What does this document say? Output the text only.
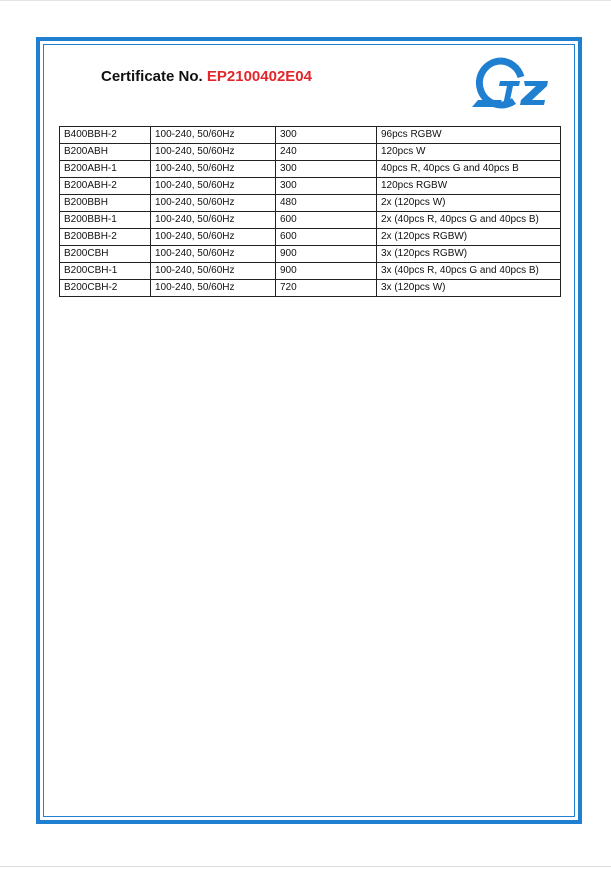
Certificate No. EP2100402E04
B400BBH-2	100-240, 50/60Hz	300	96pcs RGBW
B200ABH	100-240, 50/60Hz	240	120pcs W
B200ABH-1	100-240, 50/60Hz	300	40pcs R, 40pcs G and 40pcs B
B200ABH-2	100-240, 50/60Hz	300	120pcs RGBW
B200BBH	100-240, 50/60Hz	480	2x (120pcs W)
B200BBH-1	100-240, 50/60Hz	600	2x (40pcs R, 40pcs G and 40pcs B)
B200BBH-2	100-240, 50/60Hz	600	2x (120pcs RGBW)
B200CBH	100-240, 50/60Hz	900	3x (120pcs RGBW)
B200CBH-1	100-240, 50/60Hz	900	3x (40pcs R, 40pcs G and 40pcs B)
B200CBH-2	100-240, 50/60Hz	720	3x (120pcs W)
